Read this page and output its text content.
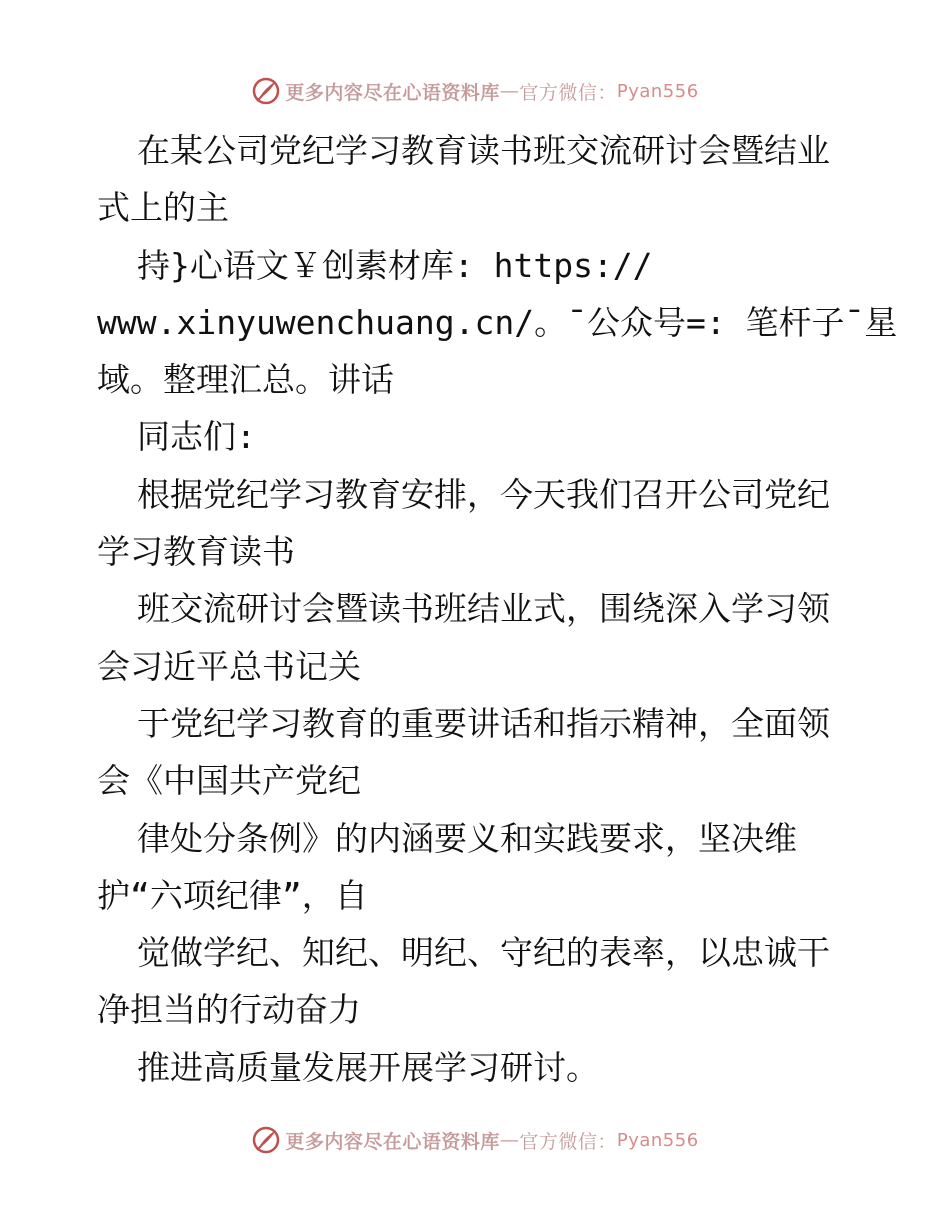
更多内容尽在心语资料库 — 官方微信： Pyan556
在某公司党纪学习教育读书班交流研讨会暨结业
式上的主
持}心语文￥创素材库: https://
www.xinyuwenchuang.cn/。¯公众号=: 笔杆子¯星
域。整理汇总。讲话
同志们:
根据党纪学习教育安排，今天我们召开公司党纪
学习教育读书
班交流研讨会暨读书班结业式，围绕深入学习领
会习近平总书记关
于党纪学习教育的重要讲话和指示精神，全面领
会《中国共产党纪
律处分条例》的内涵要义和实践要求，坚决维
护“六项纪律”，自
觉做学纪、知纪、明纪、守纪的表率，以忠诚干
净担当的行动奋力
推进高质量发展开展学习研讨。
更多内容尽在心语资料库 — 官方微信： Pyan556
